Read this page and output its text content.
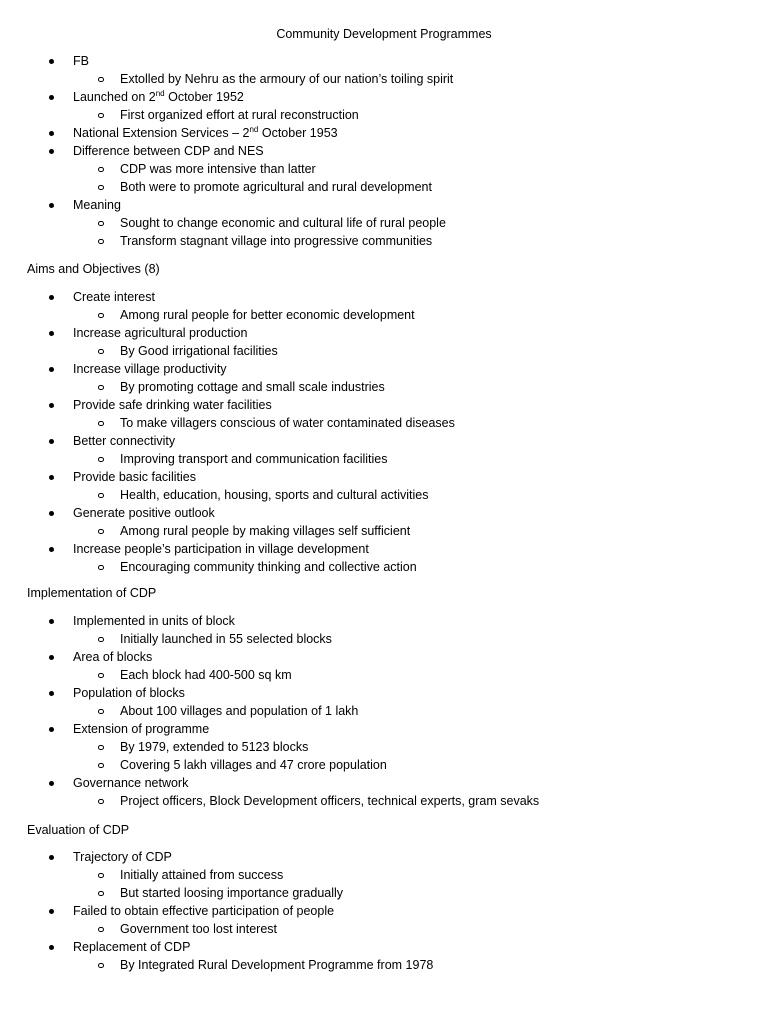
Community Development Programmes
FB
Extolled by Nehru as the armoury of our nation’s toiling spirit
Launched on 2nd October 1952
First organized effort at rural reconstruction
National Extension Services – 2nd October 1953
Difference between CDP and NES
CDP was more intensive than latter
Both were to promote agricultural and rural development
Meaning
Sought to change economic and cultural life of rural people
Transform stagnant village into progressive communities
Aims and Objectives (8)
Create interest
Among rural people for better economic development
Increase agricultural production
By Good irrigational facilities
Increase village productivity
By promoting cottage and small scale industries
Provide safe drinking water facilities
To make villagers conscious of water contaminated diseases
Better connectivity
Improving transport and communication facilities
Provide basic facilities
Health, education, housing, sports and cultural activities
Generate positive outlook
Among rural people by making villages self sufficient
Increase people’s participation in village development
Encouraging community thinking and collective action
Implementation of CDP
Implemented in units of block
Initially launched in 55 selected blocks
Area of blocks
Each block had 400-500 sq km
Population of blocks
About 100 villages and population of 1 lakh
Extension of programme
By 1979, extended to 5123 blocks
Covering 5 lakh villages and 47 crore population
Governance network
Project officers, Block Development officers, technical experts, gram sevaks
Evaluation of CDP
Trajectory of CDP
Initially attained from success
But started loosing importance gradually
Failed to obtain effective participation of people
Government too lost interest
Replacement of CDP
By Integrated Rural Development Programme from 1978
